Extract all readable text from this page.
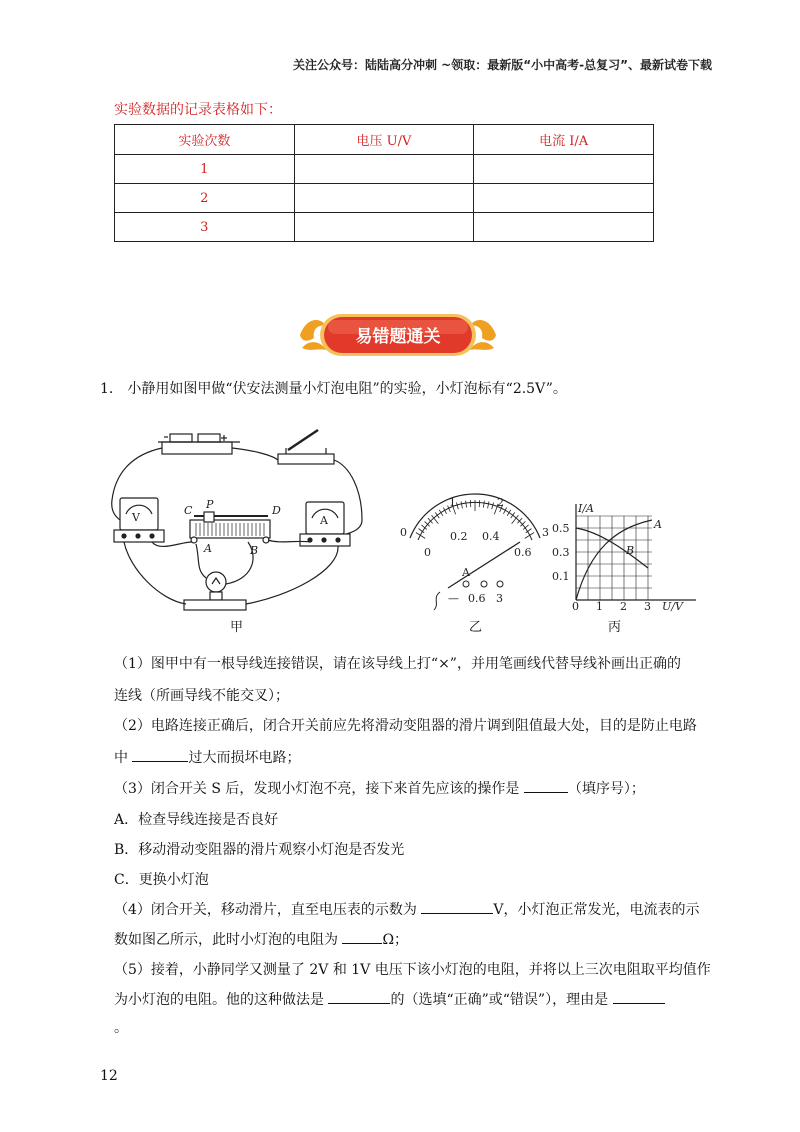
关注公众号：陆陆高分冲刺 ~领取：最新版“小中高考-总复习”、最新试卷下载
实验数据的记录表格如下：
实验次数	电压 U/V	电流 I/A
1		
2		
3		
易错题通关
1． 小静用如图甲做“伏安法测量小灯泡电阻”的实验，小灯泡标有“2.5V”。
V	A
C P	D
A	B
0
1	2
3
0
0.2 0.4
0.6
A
— 0.6 3
I/A
U/V
0.5
0.3
0.1
0 1 2 3
A
B
甲	乙	丙
（1）图甲中有一根导线连接错误，请在该导线上打“×”，并用笔画线代替导线补画出正确的
连线（所画导线不能交叉）；
（2）电路连接正确后，闭合开关前应先将滑动变阻器的滑片调到阻值最大处，目的是防止电路
中	过大而损坏电路；
（3）闭合开关 S 后，发现小灯泡不亮，接下来首先应该的操作是	（填序号）；
A．检查导线连接是否良好
B．移动滑动变阻器的滑片观察小灯泡是否发光
C．更换小灯泡
（4）闭合开关，移动滑片，直至电压表的示数为	V，小灯泡正常发光，电流表的示
数如图乙所示，此时小灯泡的电阻为	Ω；
（5）接着，小静同学又测量了 2V 和 1V 电压下该小灯泡的电阻，并将以上三次电阻取平均值作
为小灯泡的电阻。他的这种做法是	的（选填“正确”或“错误”），理由是
。
12
